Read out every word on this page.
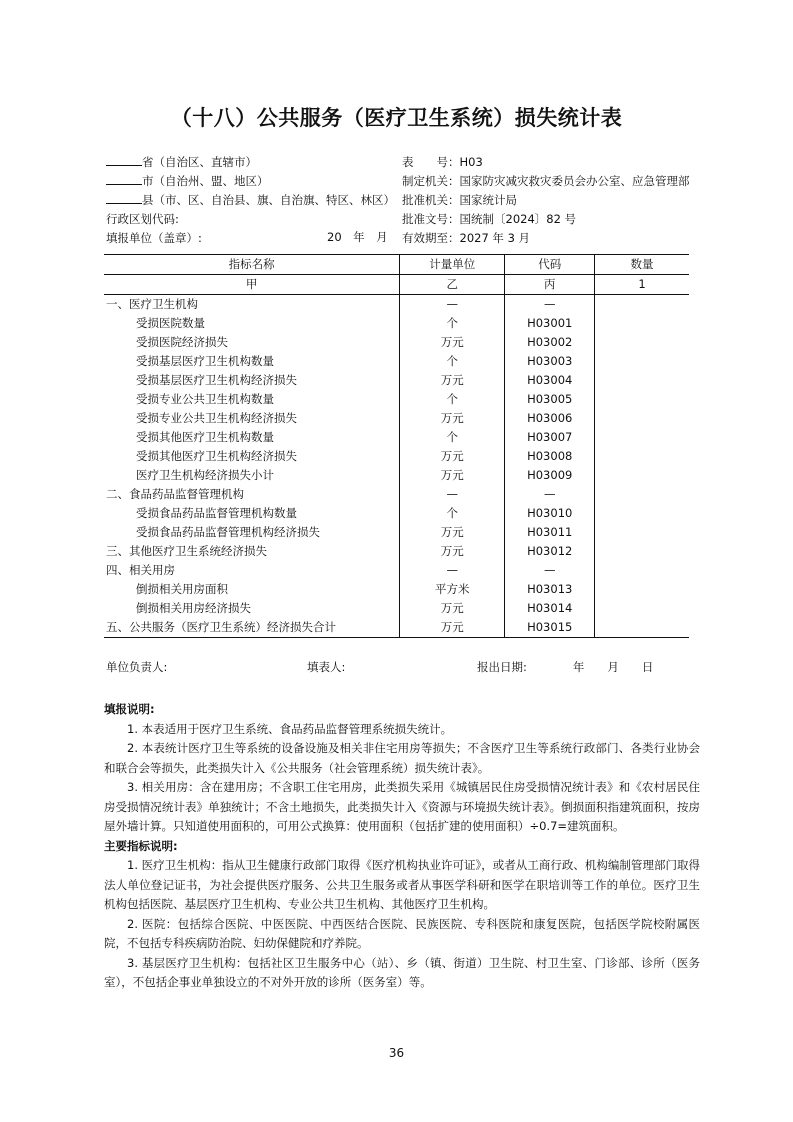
（十八）公共服务（医疗卫生系统）损失统计表
省（自治区、直辖市）
市（自治州、盟、地区）
县（市、区、自治县、旗、自治旗、特区、林区）
行政区划代码:
填报单位（盖章）:	20　年　月
表　　号：H03
制定机关：国家防灾减灾救灾委员会办公室、应急管理部
批准机关：国家统计局
批准文号：国统制〔2024〕82 号
有效期至：2027 年 3 月
指标名称	计量单位	代码	数量
甲	乙	丙	1
一、医疗卫生机构	—	—	
受损医院数量	个	H03001	
受损医院经济损失	万元	H03002	
受损基层医疗卫生机构数量	个	H03003	
受损基层医疗卫生机构经济损失	万元	H03004	
受损专业公共卫生机构数量	个	H03005	
受损专业公共卫生机构经济损失	万元	H03006	
受损其他医疗卫生机构数量	个	H03007	
受损其他医疗卫生机构经济损失	万元	H03008	
医疗卫生机构经济损失小计	万元	H03009	
二、食品药品监督管理机构	—	—	
受损食品药品监督管理机构数量	个	H03010	
受损食品药品监督管理机构经济损失	万元	H03011	
三、其他医疗卫生系统经济损失	万元	H03012	
四、相关用房	—	—	
倒损相关用房面积	平方米	H03013	
倒损相关用房经济损失	万元	H03014	
五、公共服务（医疗卫生系统）经济损失合计	万元	H03015	
单位负责人:	填表人:	报出日期:　　　　年　　月　　日
填报说明:

1. 本表适用于医疗卫生系统、食品药品监督管理系统损失统计。

2. 本表统计医疗卫生等系统的设备设施及相关非住宅用房等损失；不含医疗卫生等系统行政部门、各类行业协会和联合会等损失，此类损失计入《公共服务（社会管理系统）损失统计表》。

3. 相关用房：含在建用房；不含职工住宅用房，此类损失采用《城镇居民住房受损情况统计表》和《农村居民住房受损情况统计表》单独统计；不含土地损失，此类损失计入《资源与环境损失统计表》。倒损面积指建筑面积，按房屋外墙计算。只知道使用面积的，可用公式换算：使用面积（包括扩建的使用面积）÷0.7=建筑面积。

主要指标说明:

1. 医疗卫生机构：指从卫生健康行政部门取得《医疗机构执业许可证》，或者从工商行政、机构编制管理部门取得法人单位登记证书，为社会提供医疗服务、公共卫生服务或者从事医学科研和医学在职培训等工作的单位。医疗卫生机构包括医院、基层医疗卫生机构、专业公共卫生机构、其他医疗卫生机构。

2. 医院：包括综合医院、中医医院、中西医结合医院、民族医院、专科医院和康复医院，包括医学院校附属医院，不包括专科疾病防治院、妇幼保健院和疗养院。

3. 基层医疗卫生机构：包括社区卫生服务中心（站）、乡（镇、街道）卫生院、村卫生室、门诊部、诊所（医务室），不包括企事业单独设立的不对外开放的诊所（医务室）等。

36
